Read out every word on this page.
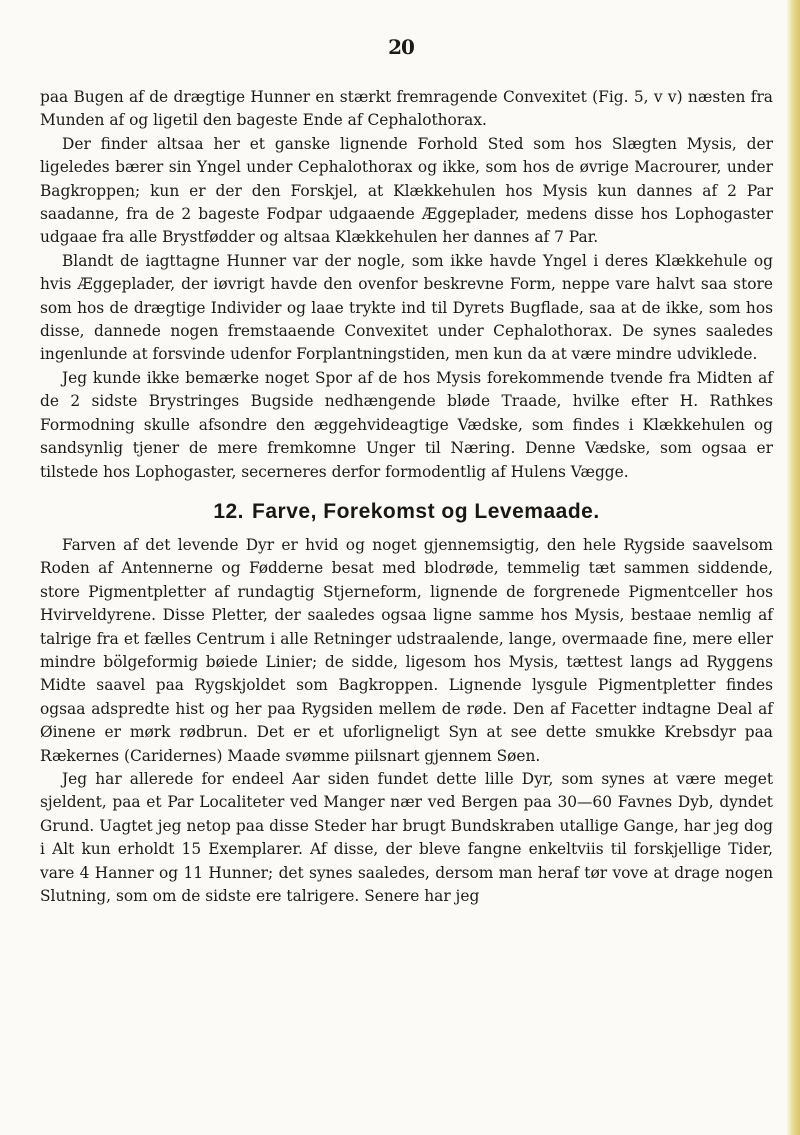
20

paa Bugen af de drægtige Hunner en stærkt fremragende Convexitet (Fig. 5, v v) næsten fra Munden af og ligetil den bageste Ende af Cephalothorax.

Der finder altsaa her et ganske lignende Forhold Sted som hos Slægten Mysis, der ligeledes bærer sin Yngel under Cephalothorax og ikke, som hos de øvrige Macrourer, under Bagkroppen; kun er der den Forskjel, at Klækkehulen hos Mysis kun dannes af 2 Par saadanne, fra de 2 bageste Fodpar udgaaende Æggeplader, medens disse hos Lophogaster udgaae fra alle Brystfødder og altsaa Klækkehulen her dannes af 7 Par.

Blandt de iagttagne Hunner var der nogle, som ikke havde Yngel i deres Klækkehule og hvis Æggeplader, der iøvrigt havde den ovenfor beskrevne Form, neppe vare halvt saa store som hos de drægtige Individer og laae trykte ind til Dyrets Bugflade, saa at de ikke, som hos disse, dannede nogen fremstaaende Convexitet under Cephalothorax. De synes saaledes ingenlunde at forsvinde udenfor Forplantningstiden, men kun da at være mindre udviklede.

Jeg kunde ikke bemærke noget Spor af de hos Mysis forekommende tvende fra Midten af de 2 sidste Brystringes Bugside nedhængende bløde Traade, hvilke efter H. Rathkes Formodning skulle afsondre den æggehvideagtige Vædske, som findes i Klækkehulen og sandsynlig tjener de mere fremkomne Unger til Næring. Denne Vædske, som ogsaa er tilstede hos Lophogaster, secerneres derfor formodentlig af Hulens Vægge.

12. Farve, Forekomst og Levemaade.

Farven af det levende Dyr er hvid og noget gjennemsigtig, den hele Rygside saavelsom Roden af Antennerne og Fødderne besat med blodrøde, temmelig tæt sammen siddende, store Pigmentpletter af rundagtig Stjerneform, lignende de forgrenede Pigmentceller hos Hvirveldyrene. Disse Pletter, der saaledes ogsaa ligne samme hos Mysis, bestaae nemlig af talrige fra et fælles Centrum i alle Retninger udstraalende, lange, overmaade fine, mere eller mindre bölgeformig bøiede Linier; de sidde, ligesom hos Mysis, tættest langs ad Ryggens Midte saavel paa Rygskjoldet som Bagkroppen. Lignende lysgule Pigmentpletter findes ogsaa adspredte hist og her paa Rygsiden mellem de røde. Den af Facetter indtagne Deal af Øinene er mørk rødbrun. Det er et uforligneligt Syn at see dette smukke Krebsdyr paa Rækernes (Caridernes) Maade svømme piilsnart gjennem Søen.

Jeg har allerede for endeel Aar siden fundet dette lille Dyr, som synes at være meget sjeldent, paa et Par Localiteter ved Manger nær ved Bergen paa 30—60 Favnes Dyb, dyndet Grund. Uagtet jeg netop paa disse Steder har brugt Bundskraben utallige Gange, har jeg dog i Alt kun erholdt 15 Exemplarer. Af disse, der bleve fangne enkeltviis til forskjellige Tider, vare 4 Hanner og 11 Hunner; det synes saaledes, dersom man heraf tør vove at drage nogen Slutning, som om de sidste ere talrigere. Senere har jeg
